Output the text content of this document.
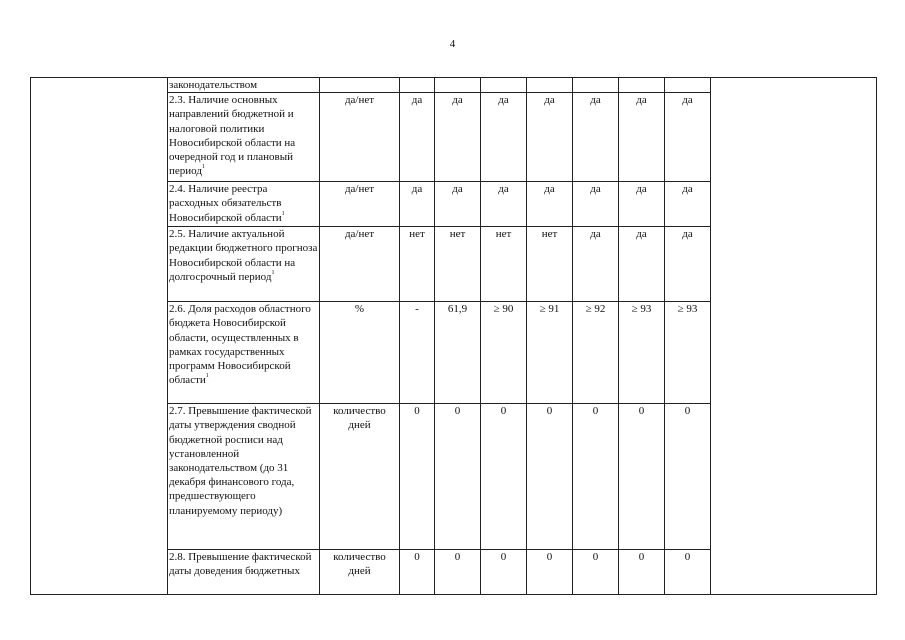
4
	законодательством									
	2.3. Наличие основных направлений бюджетной и налоговой политики Новосибирской области на очередной год и плановый период$^1$	да/нет	да	да	да	да	да	да	да	
	2.4. Наличие реестра расходных обязательств Новосибирской области$^1$	да/нет	да	да	да	да	да	да	да	
	2.5. Наличие актуальной редакции бюджетного прогноза Новосибирской области на долгосрочный период$^1$	да/нет	нет	нет	нет	нет	да	да	да	
	2.6. Доля расходов областного бюджета Новосибирской области, осуществленных в рамках государственных программ Новосибирской области$^1$	%	-	61,9	≥ 90	≥ 91	≥ 92	≥ 93	≥ 93	
	2.7. Превышение фактической даты утверждения сводной бюджетной росписи над установленной законодательством (до 31 декабря финансового года, предшествующего планируемому периоду)	количество дней	0	0	0	0	0	0	0	
	2.8. Превышение фактической даты доведения бюджетных	количество дней	0	0	0	0	0	0	0	
